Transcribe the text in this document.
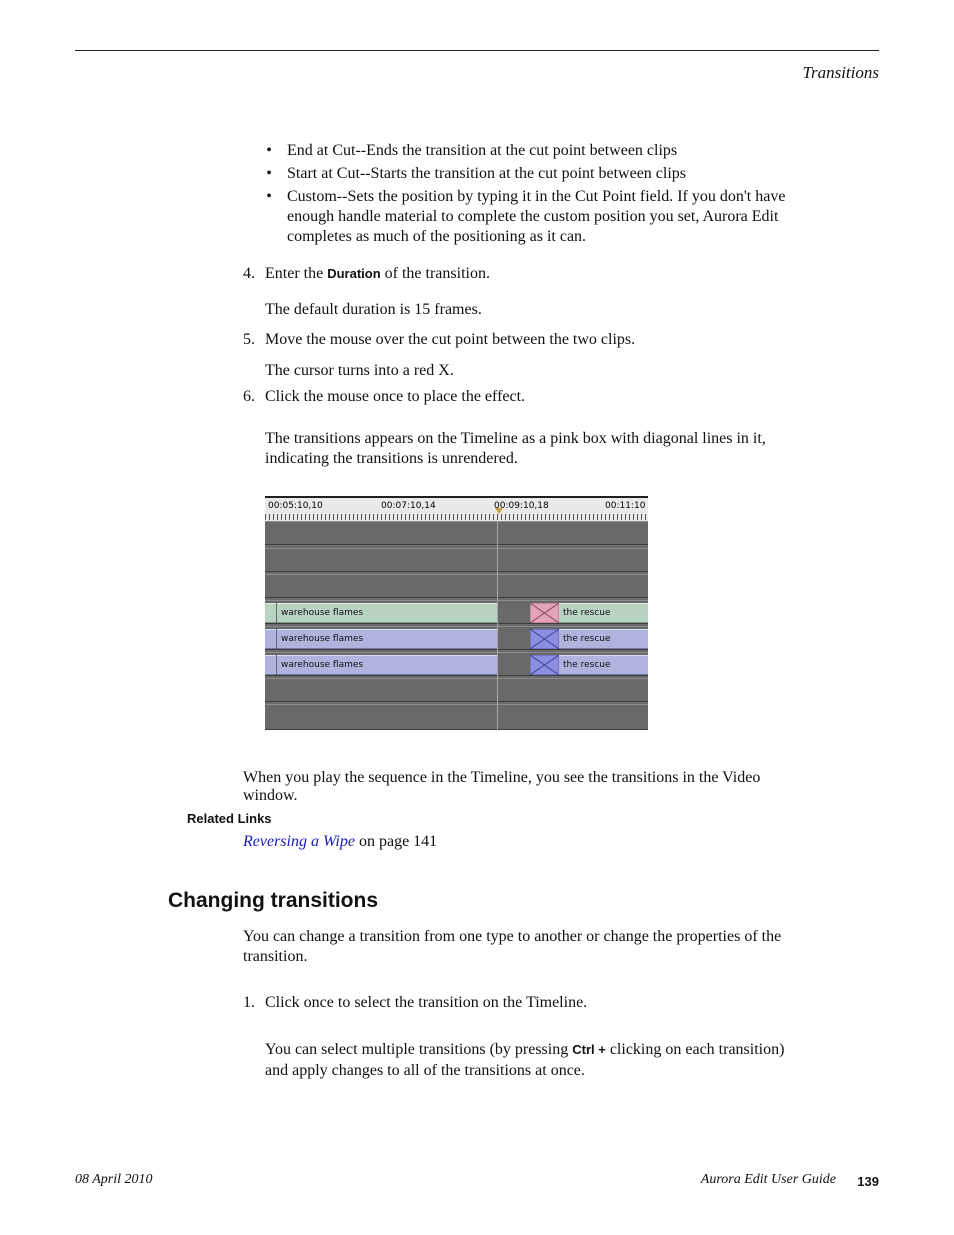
Transitions
• End at Cut--Ends the transition at the cut point between clips
• Start at Cut--Starts the transition at the cut point between clips
• Custom--Sets the position by typing it in the Cut Point field. If you don't have
enough handle material to complete the custom position you set, Aurora Edit
completes as much of the positioning as it can.
4. Enter the Duration of the transition.
The default duration is 15 frames.
5. Move the mouse over the cut point between the two clips.
The cursor turns into a red X.
6. Click the mouse once to place the effect.
The transitions appears on the Timeline as a pink box with diagonal lines in it,
indicating the transitions is unrendered.
00:05:10,10	00:07:10,14	00:09:10,18	00:11:10
warehouse flames	the rescue
warehouse flames	the rescue
warehouse flames	the rescue
When you play the sequence in the Timeline, you see the transitions in the Video
window.
Related Links
Reversing a Wipe on page 141
Changing transitions
You can change a transition from one type to another or change the properties of the
transition.
1. Click once to select the transition on the Timeline.
You can select multiple transitions (by pressing Ctrl + clicking on each transition)
and apply changes to all of the transitions at once.
08 April 2010	Aurora Edit User Guide 139
